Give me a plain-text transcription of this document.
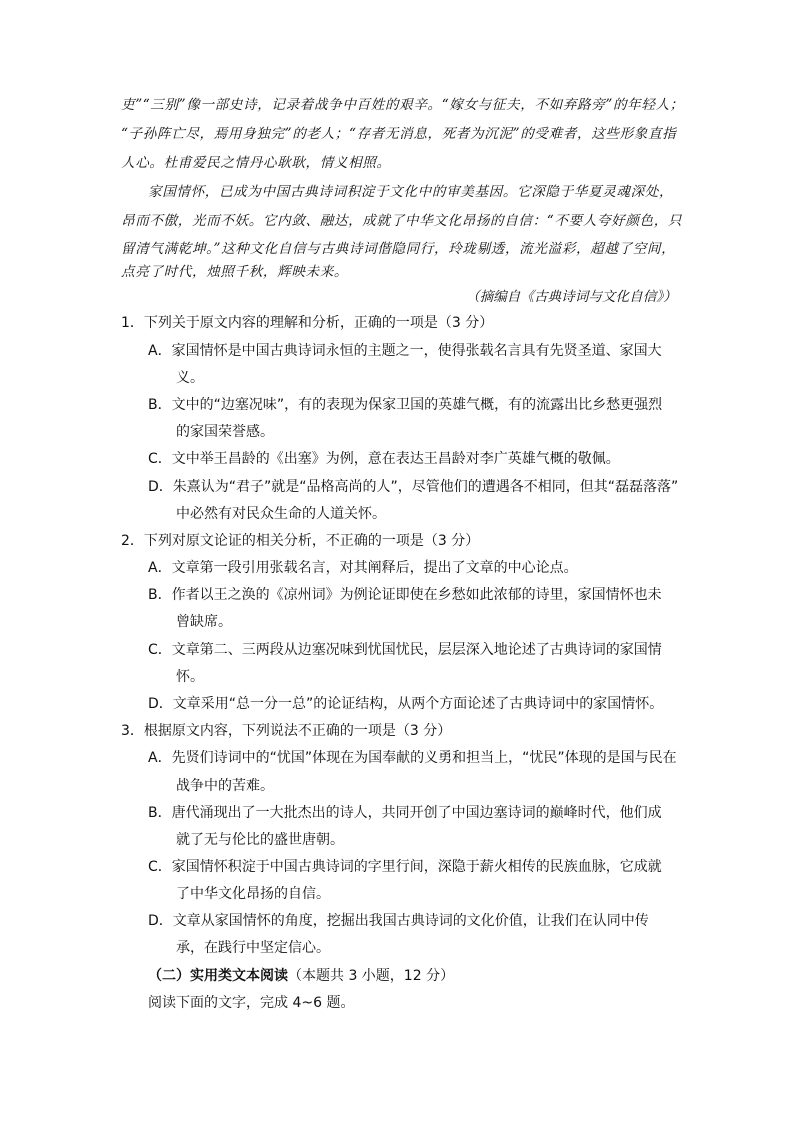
吏”“三别”像一部史诗，记录着战争中百姓的艰辛。“嫁女与征夫，不如弃路旁”的年轻人；
“子孙阵亡尽，焉用身独完”的老人；“存者无消息，死者为沉泥”的受难者，这些形象直指
人心。杜甫爱民之情丹心耿耿，情义相照。
家国情怀，已成为中国古典诗词积淀于文化中的审美基因。它深隐于华夏灵魂深处，
昂而不傲，光而不妖。它内敛、融达，成就了中华文化昂扬的自信：“不要人夸好颜色，只
留清气满乾坤。”这种文化自信与古典诗词偕隐同行，玲珑剔透，流光溢彩，超越了空间，
点亮了时代，烛照千秋，辉映未来。
（摘编自《古典诗词与文化自信》）
1．下列关于原文内容的理解和分析，正确的一项是（3 分）
A．家国情怀是中国古典诗词永恒的主题之一，使得张载名言具有先贤圣道、家国大
义。
B．文中的“边塞况味”，有的表现为保家卫国的英雄气概，有的流露出比乡愁更强烈
的家国荣誉感。
C．文中举王昌龄的《出塞》为例，意在表达王昌龄对李广英雄气概的敬佩。
D．朱熹认为“君子”就是“品格高尚的人”，尽管他们的遭遇各不相同，但其“磊磊落落”
中必然有对民众生命的人道关怀。
2．下列对原文论证的相关分析，不正确的一项是（3 分）
A．文章第一段引用张载名言，对其阐释后，提出了文章的中心论点。
B．作者以王之涣的《凉州词》为例论证即使在乡愁如此浓郁的诗里，家国情怀也未
曾缺席。
C．文章第二、三两段从边塞况味到忧国忧民，层层深入地论述了古典诗词的家国情
怀。
D．文章采用“总一分一总”的论证结构，从两个方面论述了古典诗词中的家国情怀。
3．根据原文内容，下列说法不正确的一项是（3 分）
A．先贤们诗词中的“忧国”体现在为国奉献的义勇和担当上，“忧民”体现的是国与民在
战争中的苦难。
B．唐代涌现出了一大批杰出的诗人，共同开创了中国边塞诗词的巅峰时代，他们成
就了无与伦比的盛世唐朝。
C．家国情怀积淀于中国古典诗词的字里行间，深隐于薪火相传的民族血脉，它成就
了中华文化昂扬的自信。
D．文章从家国情怀的角度，挖掘出我国古典诗词的文化价值，让我们在认同中传
承，在践行中坚定信心。
（二）实用类文本阅读（本题共 3 小题，12 分）
阅读下面的文字，完成 4~6 题。
